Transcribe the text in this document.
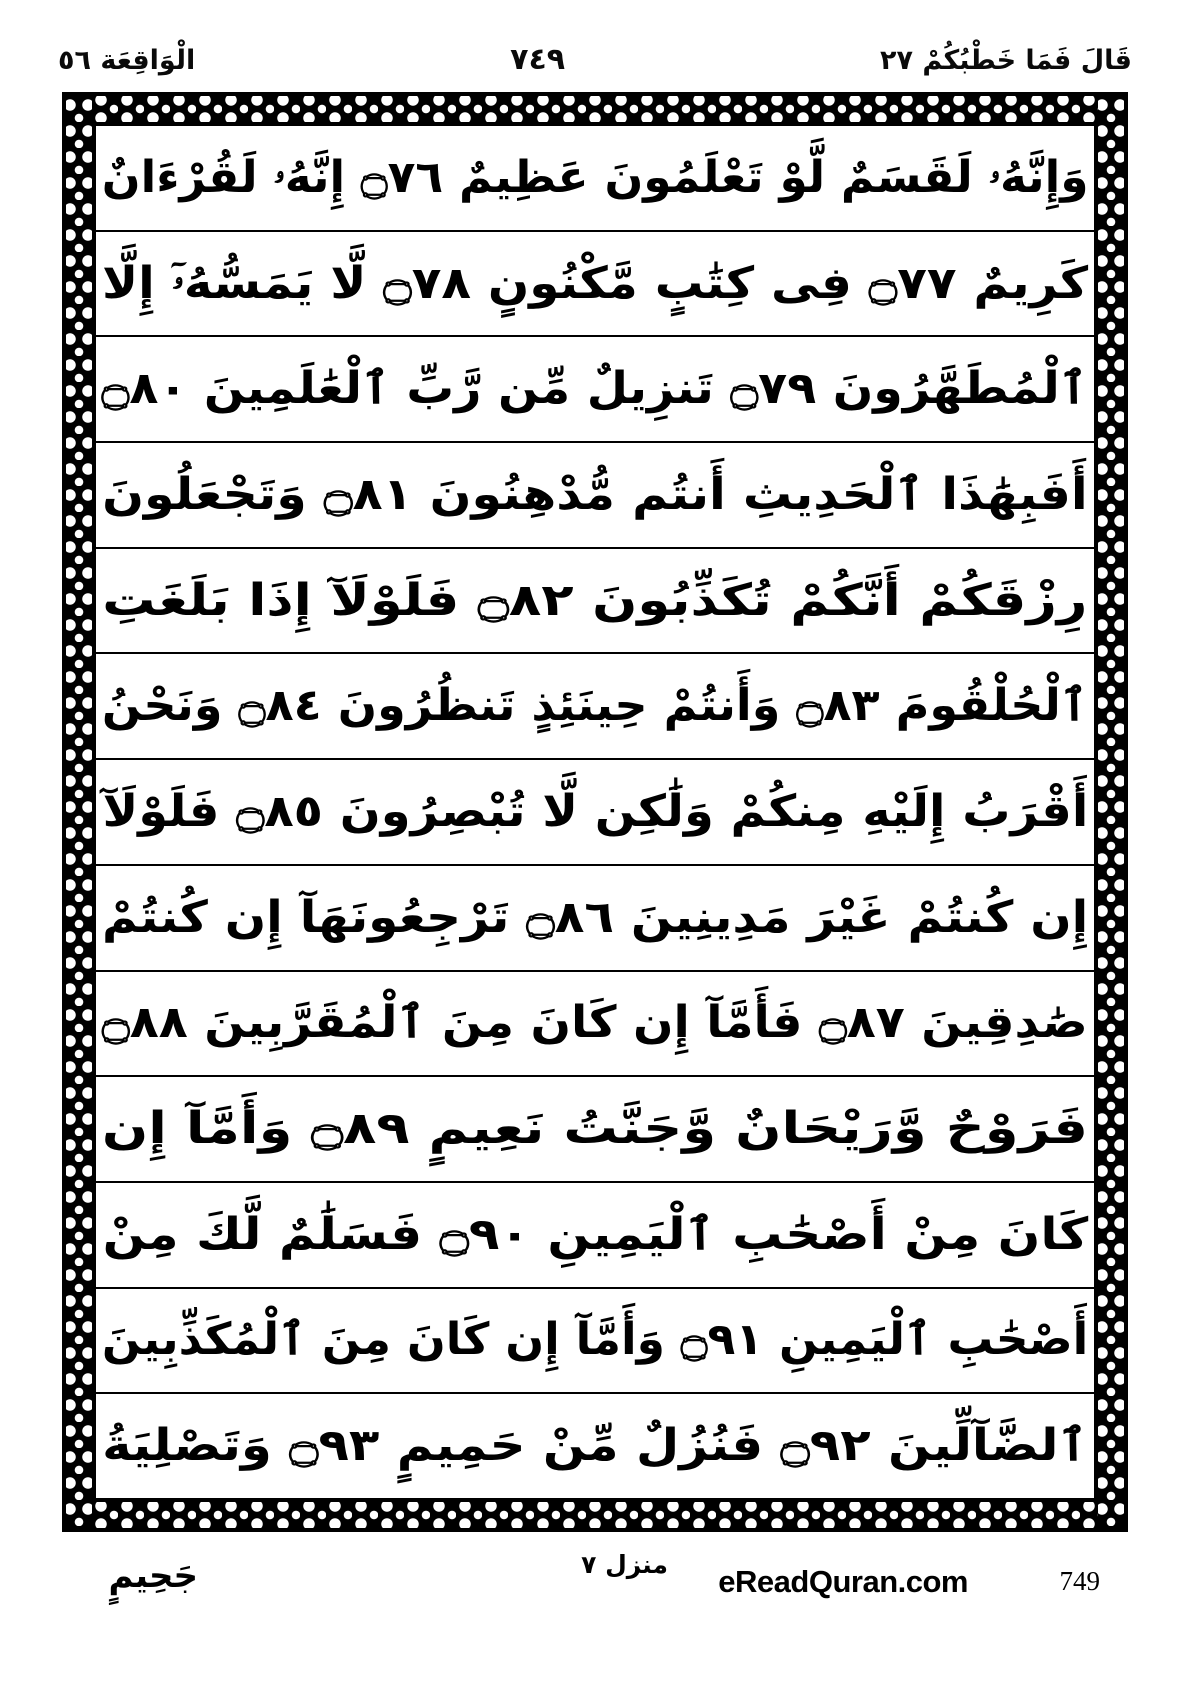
قَالَ فَمَا خَطْبُكُمْ ٢٧
٧٤٩
الْوَاقِعَة ٥٦
وَإِنَّهُۥ لَقَسَمٌ لَّوْ تَعْلَمُونَ عَظِيمٌ ۝٧٦ إِنَّهُۥ لَقُرْءَانٌ
كَرِيمٌ ۝٧٧ فِى كِتَٰبٍ مَّكْنُونٍ ۝٧٨ لَّا يَمَسُّهُۥٓ إِلَّا
ٱلْمُطَهَّرُونَ ۝٧٩ تَنزِيلٌ مِّن رَّبِّ ٱلْعَٰلَمِينَ ۝٨٠
أَفَبِهَٰذَا ٱلْحَدِيثِ أَنتُم مُّدْهِنُونَ ۝٨١ وَتَجْعَلُونَ
رِزْقَكُمْ أَنَّكُمْ تُكَذِّبُونَ ۝٨٢ فَلَوْلَآ إِذَا بَلَغَتِ
ٱلْحُلْقُومَ ۝٨٣ وَأَنتُمْ حِينَئِذٍ تَنظُرُونَ ۝٨٤ وَنَحْنُ
أَقْرَبُ إِلَيْهِ مِنكُمْ وَلَٰكِن لَّا تُبْصِرُونَ ۝٨٥ فَلَوْلَآ
إِن كُنتُمْ غَيْرَ مَدِينِينَ ۝٨٦ تَرْجِعُونَهَآ إِن كُنتُمْ
صَٰدِقِينَ ۝٨٧ فَأَمَّآ إِن كَانَ مِنَ ٱلْمُقَرَّبِينَ ۝٨٨
فَرَوْحٌ وَّرَيْحَانٌ وَّجَنَّتُ نَعِيمٍ ۝٨٩ وَأَمَّآ إِن
كَانَ مِنْ أَصْحَٰبِ ٱلْيَمِينِ ۝٩٠ فَسَلَٰمٌ لَّكَ مِنْ
أَصْحَٰبِ ٱلْيَمِينِ ۝٩١ وَأَمَّآ إِن كَانَ مِنَ ٱلْمُكَذِّبِينَ
ٱلضَّآلِّينَ ۝٩٢ فَنُزُلٌ مِّنْ حَمِيمٍ ۝٩٣ وَتَصْلِيَةُ
جَحِيمٍ	منزل ٧ eReadQuran.com	749
